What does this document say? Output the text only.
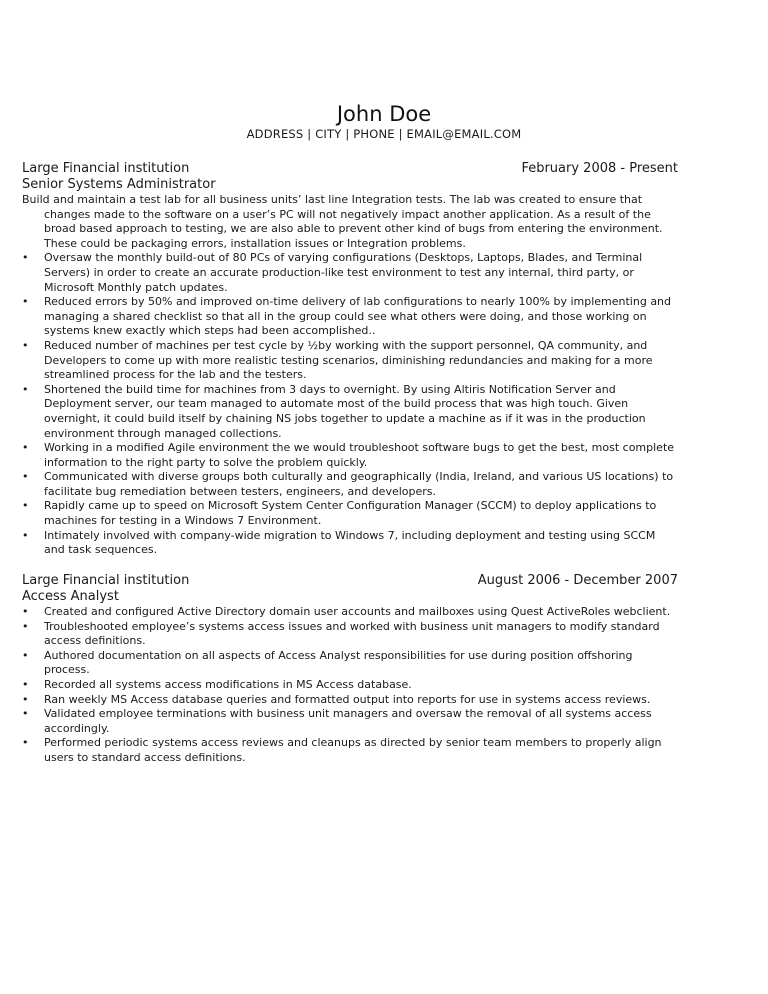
John Doe
ADDRESS | CITY | PHONE | EMAIL@EMAIL.COM
Large Financial institution	February 2008 - Present
Senior Systems Administrator

Build and maintain a test lab for all business units’ last line Integration tests. The lab was created to ensure that changes made to the software on a user’s PC will not negatively impact another application. As a result of the broad based approach to testing, we are also able to prevent other kind of bugs from entering the environment. These could be packaging errors, installation issues or Integration problems.

• Oversaw the monthly build-out of 80 PCs of varying configurations (Desktops, Laptops, Blades, and Terminal Servers) in order to create an accurate production-like test environment to test any internal, third party, or Microsoft Monthly patch updates.
• Reduced errors by 50% and improved on-time delivery of lab configurations to nearly 100% by implementing and managing a shared checklist so that all in the group could see what others were doing, and those working on systems knew exactly which steps had been accomplished..
• Reduced number of machines per test cycle by ½by working with the support personnel, QA community, and Developers to come up with more realistic testing scenarios, diminishing redundancies and making for a more streamlined process for the lab and the testers.
• Shortened the build time for machines from 3 days to overnight. By using Altiris Notification Server and Deployment server, our team managed to automate most of the build process that was high touch. Given overnight, it could build itself by chaining NS jobs together to update a machine as if it was in the production environment through managed collections.
• Working in a modified Agile environment the we would troubleshoot software bugs to get the best, most complete information to the right party to solve the problem quickly.
• Communicated with diverse groups both culturally and geographically (India, Ireland, and various US locations) to facilitate bug remediation between testers, engineers, and developers.
• Rapidly came up to speed on Microsoft System Center Configuration Manager (SCCM) to deploy applications to machines for testing in a Windows 7 Environment.
• Intimately involved with company-wide migration to Windows 7, including deployment and testing using SCCM and task sequences.
Large Financial institution	August 2006 - December 2007
Access Analyst
• Created and configured Active Directory domain user accounts and mailboxes using Quest ActiveRoles webclient.
• Troubleshooted employee’s systems access issues and worked with business unit managers to modify standard access definitions.
• Authored documentation on all aspects of Access Analyst responsibilities for use during position offshoring process.
• Recorded all systems access modifications in MS Access database.
• Ran weekly MS Access database queries and formatted output into reports for use in systems access reviews.
• Validated employee terminations with business unit managers and oversaw the removal of all systems access accordingly.
• Performed periodic systems access reviews and cleanups as directed by senior team members to properly align users to standard access definitions.
